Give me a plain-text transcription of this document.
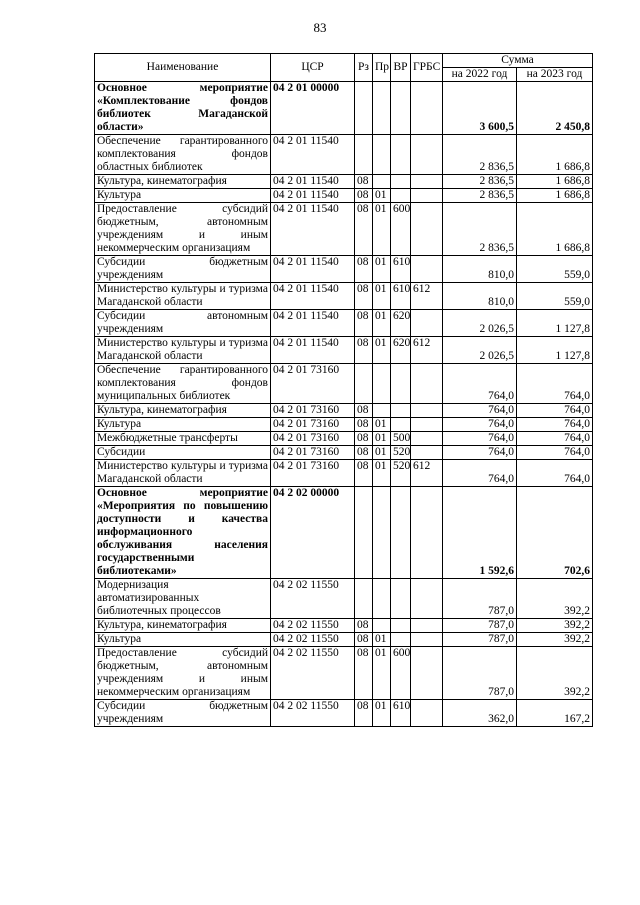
83
Наименование	ЦСР	Рз	Пр	ВР	ГРБС	Сумма	
						на 2022 год	на 2023 год
Основное мероприятие «Комплектование фондов библиотек Магаданской области»	04 2 01 00000					3 600,5	2 450,8
Обеспечение гарантированного комплектования фондов областных библиотек	04 2 01 11540					2 836,5	1 686,8
Культура, кинематография	04 2 01 11540	08				2 836,5	1 686,8
Культура	04 2 01 11540	08	01			2 836,5	1 686,8
Предоставление субсидий бюджетным, автономным учреждениям и иным некоммерческим организациям	04 2 01 11540	08	01	600		2 836,5	1 686,8
Субсидии бюджетным учреждениям	04 2 01 11540	08	01	610		810,0	559,0
Министерство культуры и туризма Магаданской области	04 2 01 11540	08	01	610	612	810,0	559,0
Субсидии автономным учреждениям	04 2 01 11540	08	01	620		2 026,5	1 127,8
Министерство культуры и туризма Магаданской области	04 2 01 11540	08	01	620	612	2 026,5	1 127,8
Обеспечение гарантированного комплектования фондов муниципальных библиотек	04 2 01 73160					764,0	764,0
Культура, кинематография	04 2 01 73160	08				764,0	764,0
Культура	04 2 01 73160	08	01			764,0	764,0
Межбюджетные трансферты	04 2 01 73160	08	01	500		764,0	764,0
Субсидии	04 2 01 73160	08	01	520		764,0	764,0
Министерство культуры и туризма Магаданской области	04 2 01 73160	08	01	520	612	764,0	764,0
Основное мероприятие «Мероприятия по повышению доступности и качества информационного обслуживания населения государственными библиотеками»	04 2 02 00000					1 592,6	702,6
Модернизация автоматизированных библиотечных процессов	04 2 02 11550					787,0	392,2
Культура, кинематография	04 2 02 11550	08				787,0	392,2
Культура	04 2 02 11550	08	01			787,0	392,2
Предоставление субсидий бюджетным, автономным учреждениям и иным некоммерческим организациям	04 2 02 11550	08	01	600		787,0	392,2
Субсидии бюджетным учреждениям	04 2 02 11550	08	01	610		362,0	167,2
